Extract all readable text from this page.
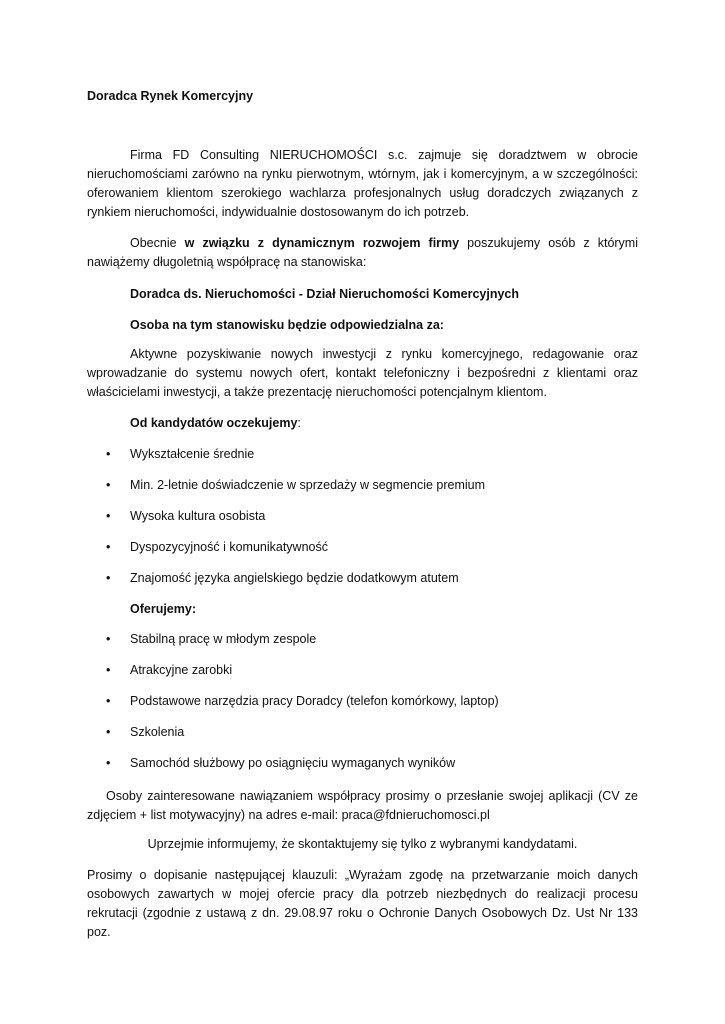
Doradca Rynek Komercyjny

Firma FD Consulting NIERUCHOMOŚCI s.c. zajmuje się doradztwem w obrocie nieruchomościami zarówno na rynku pierwotnym, wtórnym, jak i komercyjnym, a w szczególności: oferowaniem klientom szerokiego wachlarza profesjonalnych usług doradczych związanych z rynkiem nieruchomości, indywidualnie dostosowanym do ich potrzeb.

Obecnie w związku z dynamicznym rozwojem firmy poszukujemy osób z którymi nawiążemy długoletnią współpracę na stanowiska:

Doradca ds. Nieruchomości - Dział Nieruchomości Komercyjnych

Osoba na tym stanowisku będzie odpowiedzialna za:

Aktywne pozyskiwanie nowych inwestycji z rynku komercyjnego, redagowanie oraz wprowadzanie do systemu nowych ofert, kontakt telefoniczny i bezpośredni z klientami oraz właścicielami inwestycji, a także prezentację nieruchomości potencjalnym klientom.

Od kandydatów oczekujemy:

• Wykształcenie średnie
• Min. 2-letnie doświadczenie w sprzedaży w segmencie premium
• Wysoka kultura osobista
• Dyspozycyjność i komunikatywność
• Znajomość języka angielskiego będzie dodatkowym atutem

Oferujemy:

• Stabilną pracę w młodym zespole
• Atrakcyjne zarobki
• Podstawowe narzędzia pracy Doradcy (telefon komórkowy, laptop)
• Szkolenia
• Samochód służbowy po osiągnięciu wymaganych wyników

Osoby zainteresowane nawiązaniem współpracy prosimy o przesłanie swojej aplikacji (CV ze zdjęciem + list motywacyjny) na adres e-mail: praca@fdnieruchomosci.pl

Uprzejmie informujemy, że skontaktujemy się tylko z wybranymi kandydatami.

Prosimy o dopisanie następującej klauzuli: „Wyrażam zgodę na przetwarzanie moich danych osobowych zawartych w mojej ofercie pracy dla potrzeb niezbędnych do realizacji procesu rekrutacji (zgodnie z ustawą z dn. 29.08.97 roku o Ochronie Danych Osobowych Dz. Ust Nr 133 poz.
